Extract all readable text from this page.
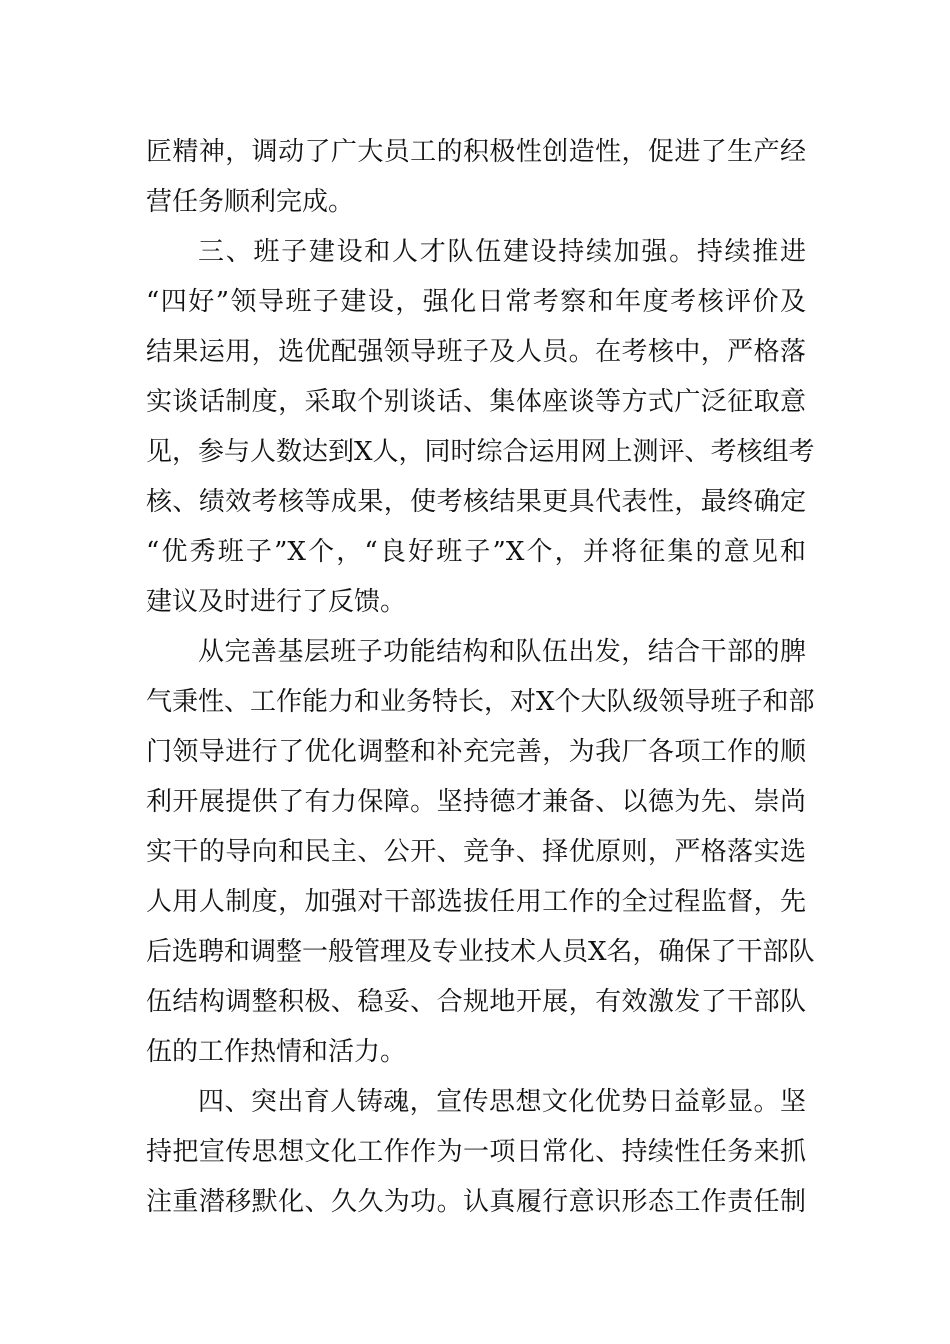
匠精神，调动了广大员工的积极性创造性，促进了生产经
营任务顺利完成。
三、班子建设和人才队伍建设持续加强。持续推进
“四好”领导班子建设，强化日常考察和年度考核评价及
结果运用，选优配强领导班子及人员。在考核中，严格落
实谈话制度，采取个别谈话、集体座谈等方式广泛征取意
见，参与人数达到X人，同时综合运用网上测评、考核组考
核、绩效考核等成果，使考核结果更具代表性，最终确定
“优秀班子”X个，“良好班子”X个，并将征集的意见和
建议及时进行了反馈。
从完善基层班子功能结构和队伍出发，结合干部的脾
气秉性、工作能力和业务特长，对X个大队级领导班子和部
门领导进行了优化调整和补充完善，为我厂各项工作的顺
利开展提供了有力保障。坚持德才兼备、以德为先、崇尚
实干的导向和民主、公开、竞争、择优原则，严格落实选
人用人制度，加强对干部选拔任用工作的全过程监督，先
后选聘和调整一般管理及专业技术人员X名，确保了干部队
伍结构调整积极、稳妥、合规地开展，有效激发了干部队
伍的工作热情和活力。
四、突出育人铸魂，宣传思想文化优势日益彰显。坚
持把宣传思想文化工作作为一项日常化、持续性任务来抓
注重潜移默化、久久为功。认真履行意识形态工作责任制
